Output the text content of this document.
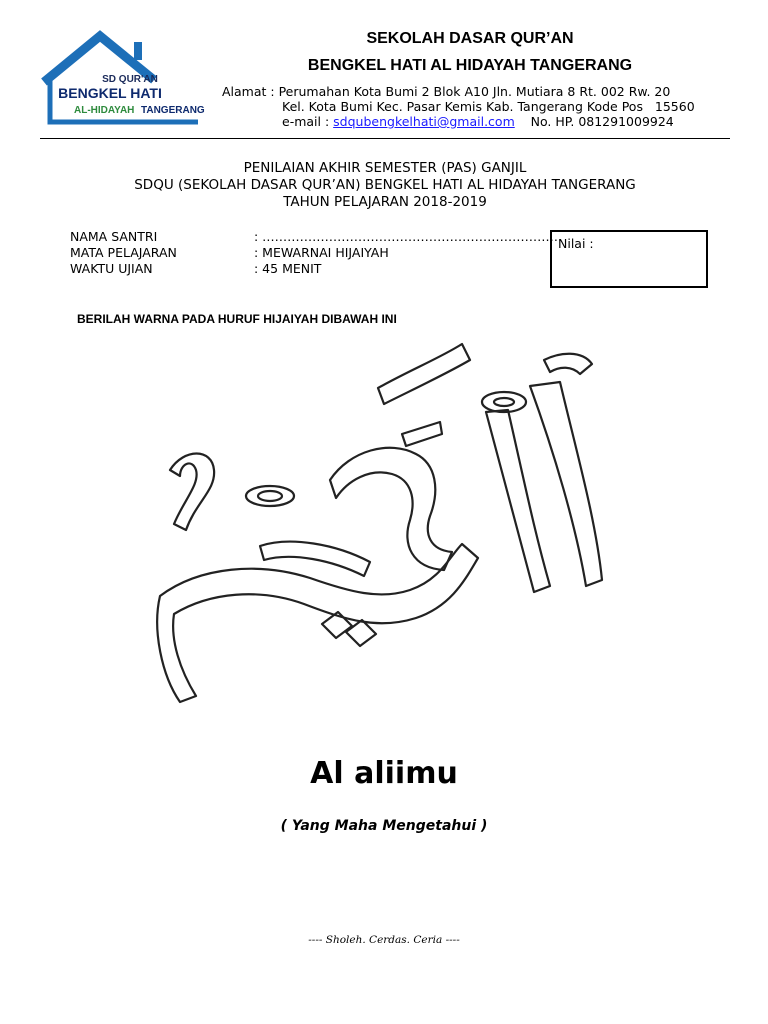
SD QUR'AN
BENGKEL HATI
AL-HIDAYAH TANGERANG
SEKOLAH DASAR QUR’AN
BENGKEL HATI AL HIDAYAH TANGERANG
Alamat : Perumahan Kota Bumi 2 Blok A10 Jln. Mutiara 8 Rt. 002 Rw. 20
Kel. Kota Bumi Kec. Pasar Kemis Kab. Tangerang Kode Pos   15560
e-mail : sdqubengkelhati@gmail.com No. HP. 081291009924
PENILAIAN AKHIR SEMESTER (PAS) GANJIL
SDQU (SEKOLAH DASAR QUR’AN) BENGKEL HATI AL HIDAYAH TANGERANG
TAHUN PELAJARAN 2018-2019
NAMA SANTRI	: ………………………………………………………………
MATA PELAJARAN	: MEWARNAI HIJAIYAH
WAKTU UJIAN	: 45 MENIT
Nilai :
BERILAH WARNA PADA HURUF HIJAIYAH DIBAWAH INI
Al aliimu
( Yang Maha Mengetahui )
---- Sholeh. Cerdas. Ceria ----
